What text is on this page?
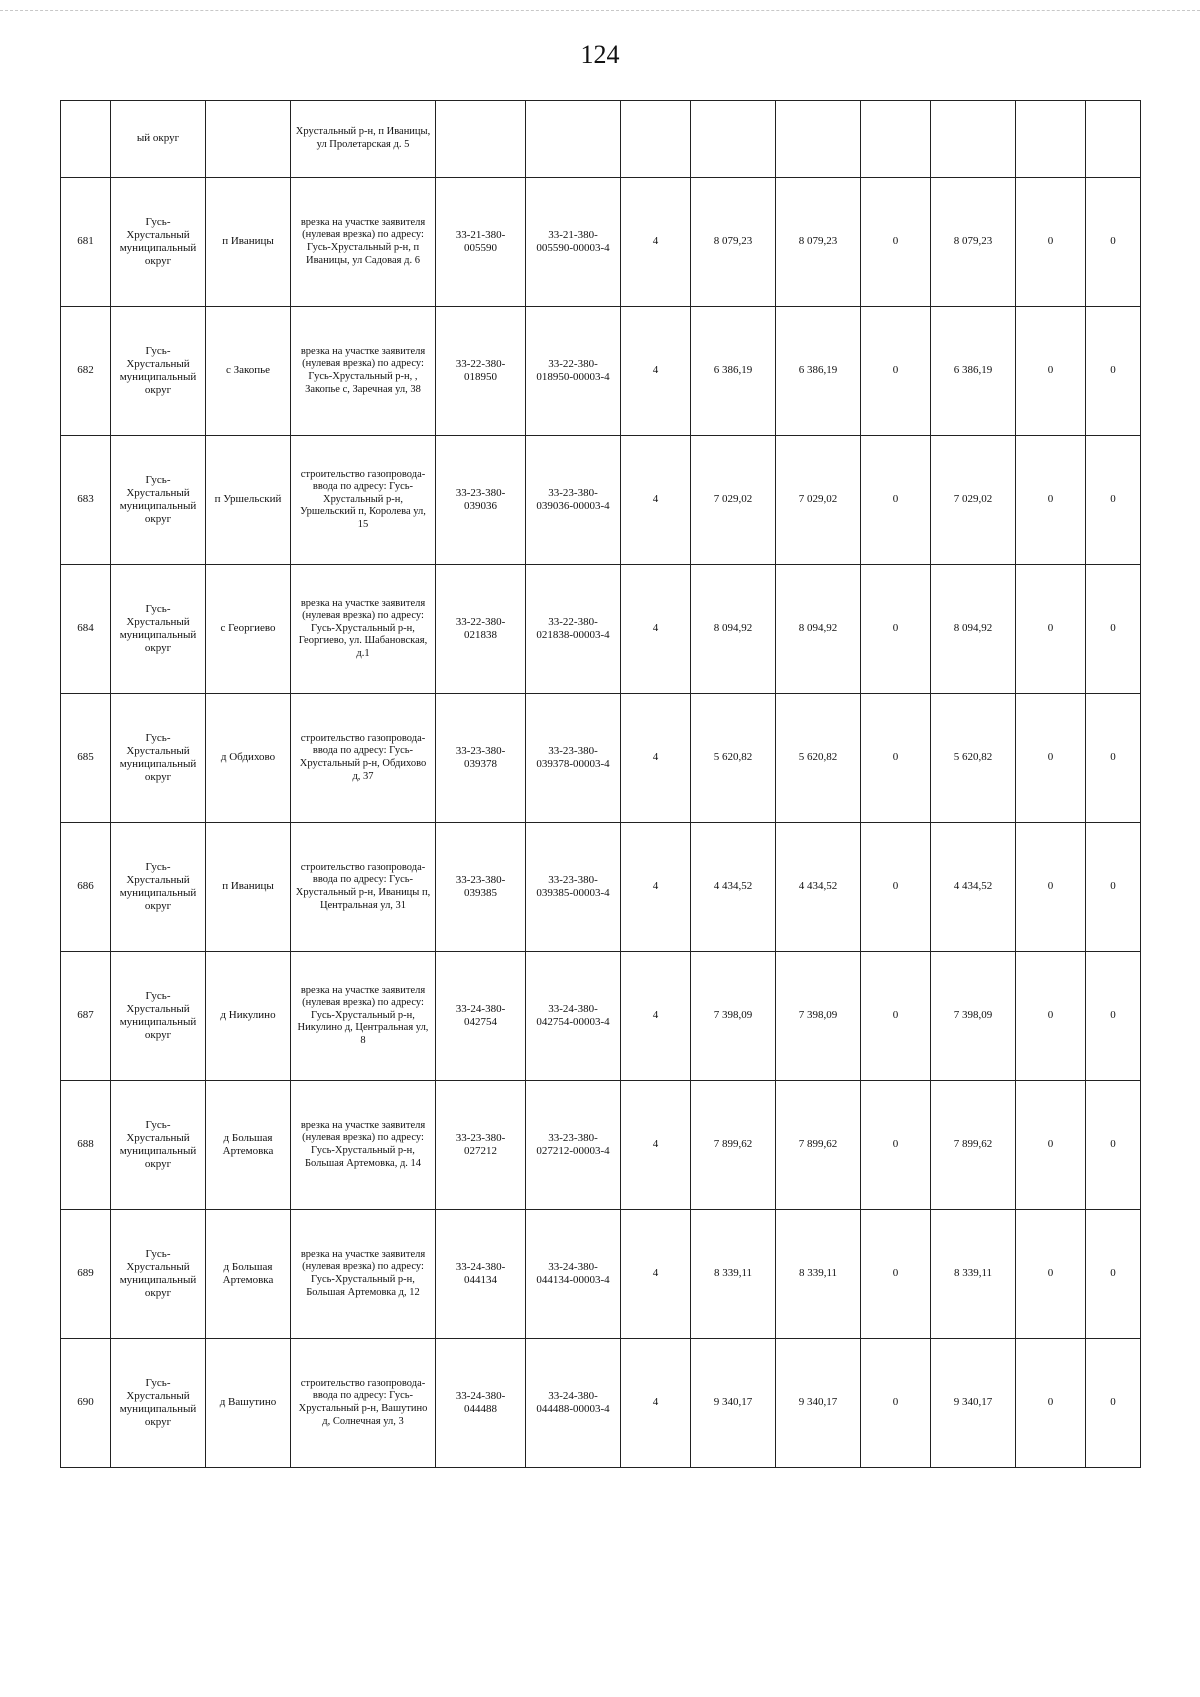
124
	ый округ		Хрустальный р-н, п Иваницы, ул Пролетарская д. 5									
681	Гусь-Хрустальный муниципальный округ	п Иваницы	врезка на участке заявителя (нулевая врезка) по адресу: Гусь-Хрустальный р-н, п Иваницы, ул Садовая д. 6	33-21-380-005590	33-21-380-005590-00003-4	4	8 079,23	8 079,23	0	8 079,23	0	0
682	Гусь-Хрустальный муниципальный округ	с Закопье	врезка на участке заявителя (нулевая врезка) по адресу: Гусь-Хрустальный р-н, , Закопье с, Заречная ул, 38	33-22-380-018950	33-22-380-018950-00003-4	4	6 386,19	6 386,19	0	6 386,19	0	0
683	Гусь-Хрустальный муниципальный округ	п Уршельский	строительство газопровода-ввода по адресу: Гусь-Хрустальный р-н, Уршельский п, Королева ул, 15	33-23-380-039036	33-23-380-039036-00003-4	4	7 029,02	7 029,02	0	7 029,02	0	0
684	Гусь-Хрустальный муниципальный округ	с Георгиево	врезка на участке заявителя (нулевая врезка) по адресу: Гусь-Хрустальный р-н, Георгиево, ул. Шабановская, д.1	33-22-380-021838	33-22-380-021838-00003-4	4	8 094,92	8 094,92	0	8 094,92	0	0
685	Гусь-Хрустальный муниципальный округ	д Обдихово	строительство газопровода-ввода по адресу: Гусь-Хрустальный р-н, Обдихово д, 37	33-23-380-039378	33-23-380-039378-00003-4	4	5 620,82	5 620,82	0	5 620,82	0	0
686	Гусь-Хрустальный муниципальный округ	п Иваницы	строительство газопровода-ввода по адресу: Гусь-Хрустальный р-н, Иваницы п, Центральная ул, 31	33-23-380-039385	33-23-380-039385-00003-4	4	4 434,52	4 434,52	0	4 434,52	0	0
687	Гусь-Хрустальный муниципальный округ	д Никулино	врезка на участке заявителя (нулевая врезка) по адресу: Гусь-Хрустальный р-н, Никулино д, Центральная ул, 8	33-24-380-042754	33-24-380-042754-00003-4	4	7 398,09	7 398,09	0	7 398,09	0	0
688	Гусь-Хрустальный муниципальный округ	д Большая Артемовка	врезка на участке заявителя (нулевая врезка) по адресу: Гусь-Хрустальный р-н, Большая Артемовка, д. 14	33-23-380-027212	33-23-380-027212-00003-4	4	7 899,62	7 899,62	0	7 899,62	0	0
689	Гусь-Хрустальный муниципальный округ	д Большая Артемовка	врезка на участке заявителя (нулевая врезка) по адресу: Гусь-Хрустальный р-н, Большая Артемовка д, 12	33-24-380-044134	33-24-380-044134-00003-4	4	8 339,11	8 339,11	0	8 339,11	0	0
690	Гусь-Хрустальный муниципальный округ	д Вашутино	строительство газопровода-ввода по адресу: Гусь-Хрустальный р-н, Вашутино д, Солнечная ул, 3	33-24-380-044488	33-24-380-044488-00003-4	4	9 340,17	9 340,17	0	9 340,17	0	0
